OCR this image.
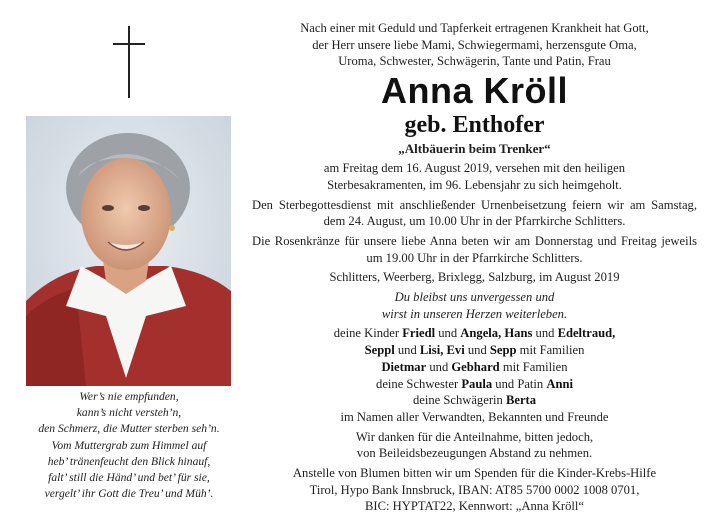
Wer’s nie empfunden,
kann’s nicht versteh’n,
den Schmerz, die Mutter sterben seh’n.
Vom Muttergrab zum Himmel auf
heb’ tränenfeucht den Blick hinauf,
falt’ still die Händ’ und bet’ für sie,
vergelt’ ihr Gott die Treu’ und Müh’.

Nach einer mit Geduld und Tapferkeit ertragenen Krankheit hat Gott,

der Herr unsere liebe Mami, Schwiegermami, herzensgute Oma,

Uroma, Schwester, Schwägerin, Tante und Patin, Frau

Anna Kröll

geb. Enthofer

„Altbäuerin beim Trenker“

am Freitag dem 16. August 2019, versehen mit den heiligen

Sterbesakramenten, im 96. Lebensjahr zu sich heimgeholt.

Den Sterbegottesdienst mit anschließender Urnenbeisetzung feiern wir am Samstag, dem 24. August, um 10.00 Uhr in der Pfarrkirche Schlitters.

Die Rosenkränze für unsere liebe Anna beten wir am Donnerstag und Freitag jeweils um 19.00 Uhr in der Pfarrkirche Schlitters.

Schlitters, Weerberg, Brixlegg, Salzburg, im August 2019

Du bleibst uns unvergessen und

wirst in unseren Herzen weiterleben.

deine Kinder Friedl und Angela, Hans und Edeltraud,

Seppl und Lisi, Evi und Sepp mit Familien

Dietmar und Gebhard mit Familien

deine Schwester Paula und Patin Anni

deine Schwägerin Berta

im Namen aller Verwandten, Bekannten und Freunde

Wir danken für die Anteilnahme, bitten jedoch,

von Beileidsbezeugungen Abstand zu nehmen.

Anstelle von Blumen bitten wir um Spenden für die Kinder-Krebs-Hilfe

Tirol, Hypo Bank Innsbruck, IBAN: AT85 5700 0002 1008 0701,

BIC: HYPTAT22, Kennwort: „Anna Kröll“
